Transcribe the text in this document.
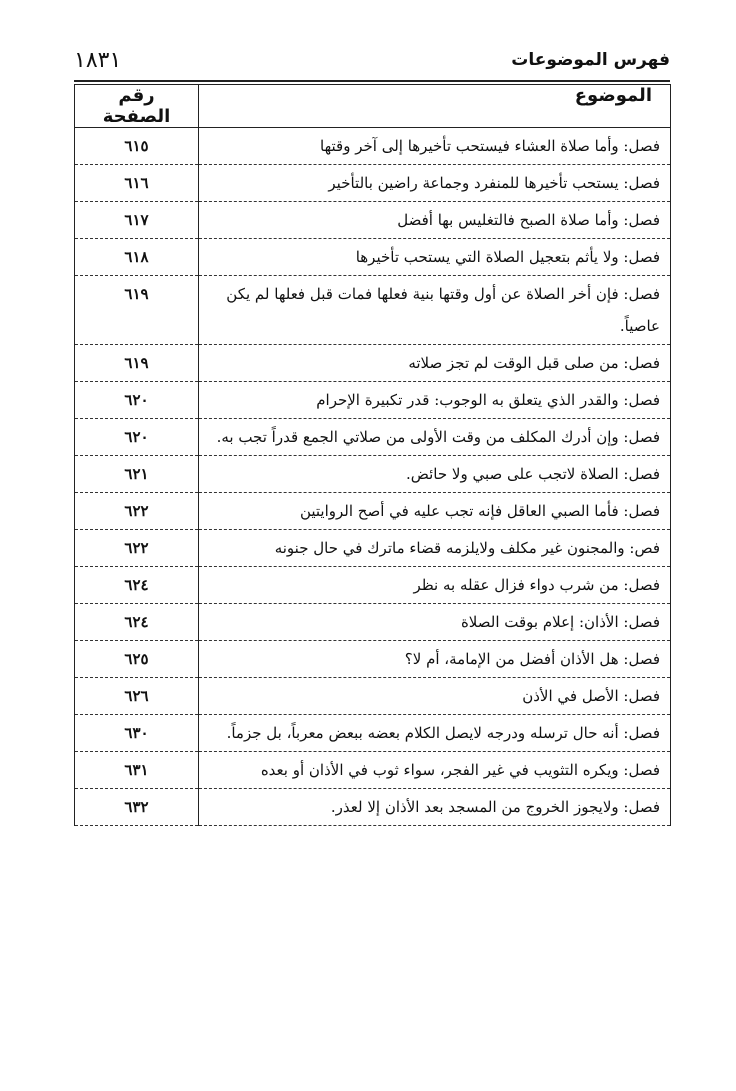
فهرس الموضوعات
١٨٣١
الموضوع	رقم الصفحة
فصل: وأما صلاة العشاء فيستحب تأخيرها إلى آخر وقتها	٦١٥
فصل: يستحب تأخيرها للمنفرد وجماعة راضين بالتأخير	٦١٦
فصل: وأما صلاة الصبح فالتغليس بها أفضل	٦١٧
فصل: ولا يأثم بتعجيل الصلاة التي يستحب تأخيرها	٦١٨
فصل: فإن أخر الصلاة عن أول وقتها بنية فعلها فمات قبل فعلها لم يكن عاصياً.	٦١٩
فصل: من صلى قبل الوقت لم تجز صلاته	٦١٩
فصل: والقدر الذي يتعلق به الوجوب: قدر تكبيرة الإحرام	٦٢٠
فصل: وإن أدرك المكلف من وقت الأولى من صلاتي الجمع قدراً تجب به.	٦٢٠
فصل: الصلاة لاتجب على صبي ولا حائض.	٦٢١
فصل: فأما الصبي العاقل فإنه تجب عليه في أصح الروايتين	٦٢٢
فص: والمجنون غير مكلف ولايلزمه قضاء ماترك في حال جنونه	٦٢٢
فصل: من شرب دواء فزال عقله به نظر	٦٢٤
فصل: الأذان: إعلام بوقت الصلاة	٦٢٤
فصل: هل الأذان أفضل من الإمامة، أم لا؟	٦٢٥
فصل: الأصل في الأذن	٦٢٦
فصل: أنه حال ترسله ودرجه لايصل الكلام بعضه ببعض معرباً، بل جزماً.	٦٣٠
فصل: ويكره التثويب في غير الفجر، سواء ثوب في الأذان أو بعده	٦٣١
فصل: ولايجوز الخروج من المسجد بعد الأذان إلا لعذر.	٦٣٢
